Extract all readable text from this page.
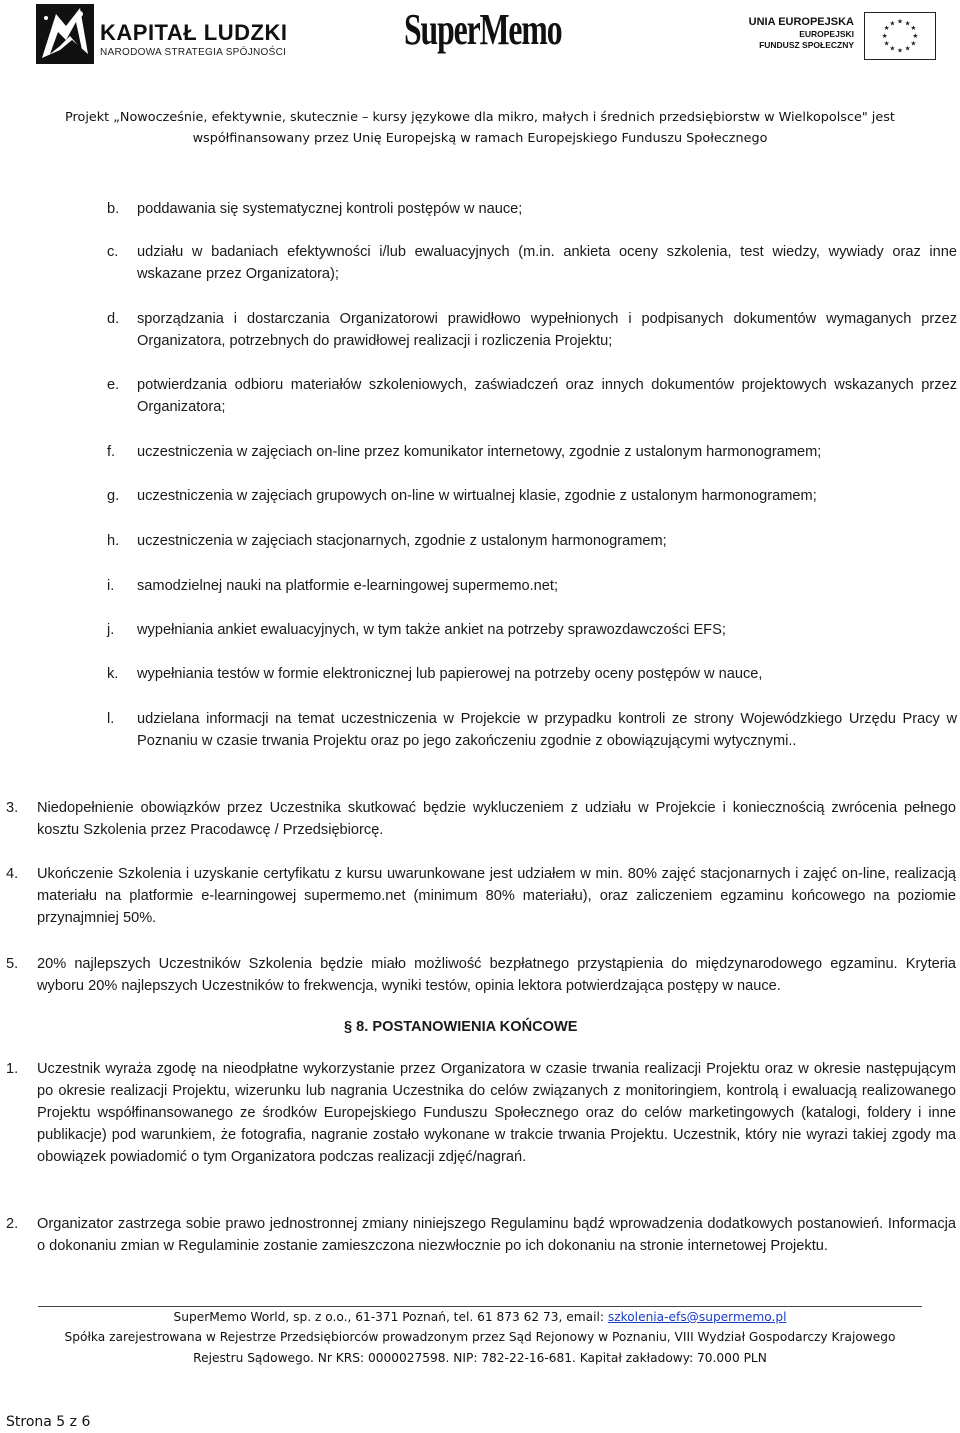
KAPITAŁ LUDZKI
NARODOWA STRATEGIA SPÓJNOŚCI	SuperMemo	UNIA EUROPEJSKA
EUROPEJSKI
FUNDUSZ SPOŁECZNY
★ ★
★
★
★
★
★
★
★
★
★
★
Projekt „Nowocześnie, efektywnie, skutecznie – kursy językowe dla mikro, małych i średnich przedsiębiorstw w Wielkopolsce" jest
współfinansowany przez Unię Europejską w ramach Europejskiego Funduszu Społecznego
b. poddawania się systematycznej kontroli postępów w nauce;
c. udziału w badaniach efektywności i/lub ewaluacyjnych (m.in. ankieta oceny szkolenia, test wiedzy, wywiady oraz inne wskazane przez Organizatora);
d. sporządzania i dostarczania Organizatorowi prawidłowo wypełnionych i podpisanych dokumentów wymaganych przez Organizatora, potrzebnych do prawidłowej realizacji i rozliczenia Projektu;
e. potwierdzania odbioru materiałów szkoleniowych, zaświadczeń oraz innych dokumentów projektowych wskazanych przez Organizatora;
f. uczestniczenia w zajęciach on-line przez komunikator internetowy, zgodnie z ustalonym harmonogramem;
g. uczestniczenia w zajęciach grupowych on-line w wirtualnej klasie, zgodnie z ustalonym harmonogramem;
h. uczestniczenia w zajęciach stacjonarnych, zgodnie z ustalonym harmonogramem;
i. samodzielnej nauki na platformie e-learningowej supermemo.net;
j. wypełniania ankiet ewaluacyjnych, w tym także ankiet na potrzeby sprawozdawczości EFS;
k. wypełniania testów w formie elektronicznej lub papierowej na potrzeby oceny postępów w nauce,
l. udzielana informacji na temat uczestniczenia w Projekcie w przypadku kontroli ze strony Wojewódzkiego Urzędu Pracy w Poznaniu w czasie trwania Projektu oraz po jego zakończeniu zgodnie z obowiązującymi wytycznymi..
3. Niedopełnienie obowiązków przez Uczestnika skutkować będzie wykluczeniem z udziału w Projekcie i koniecznością zwrócenia pełnego kosztu Szkolenia przez Pracodawcę / Przedsiębiorcę.
4. Ukończenie Szkolenia i uzyskanie certyfikatu z kursu uwarunkowane jest udziałem w min. 80% zajęć stacjonarnych i zajęć on-line, realizacją materiału na platformie e-learningowej supermemo.net (minimum 80% materiału), oraz zaliczeniem egzaminu końcowego na poziomie przynajmniej 50%.
5. 20% najlepszych Uczestników Szkolenia będzie miało możliwość bezpłatnego przystąpienia do międzynarodowego egzaminu. Kryteria wyboru 20% najlepszych Uczestników to frekwencja, wyniki testów, opinia lektora potwierdzająca postępy w nauce.
§ 8. POSTANOWIENIA KOŃCOWE
1. Uczestnik wyraża zgodę na nieodpłatne wykorzystanie przez Organizatora w czasie trwania realizacji Projektu oraz w okresie następującym po okresie realizacji Projektu, wizerunku lub nagrania Uczestnika do celów związanych z monitoringiem, kontrolą i ewaluacją realizowanego Projektu współfinansowanego ze środków Europejskiego Funduszu Społecznego oraz do celów marketingowych (katalogi, foldery i inne publikacje) pod warunkiem, że fotografia, nagranie zostało wykonane w trakcie trwania Projektu. Uczestnik, który nie wyrazi takiej zgody ma obowiązek powiadomić o tym Organizatora podczas realizacji zdjęć/nagrań.
2. Organizator zastrzega sobie prawo jednostronnej zmiany niniejszego Regulaminu bądź wprowadzenia dodatkowych postanowień. Informacja o dokonaniu zmian w Regulaminie zostanie zamieszczona niezwłocznie po ich dokonaniu na stronie internetowej Projektu.
SuperMemo World, sp. z o.o., 61-371 Poznań, tel. 61 873 62 73, email: szkolenia-efs@supermemo.pl
Spółka zarejestrowana w Rejestrze Przedsiębiorców prowadzonym przez Sąd Rejonowy w Poznaniu, VIII Wydział Gospodarczy Krajowego
Rejestru Sądowego. Nr KRS: 0000027598. NIP: 782-22-16-681. Kapitał zakładowy: 70.000 PLN
Strona 5 z 6
